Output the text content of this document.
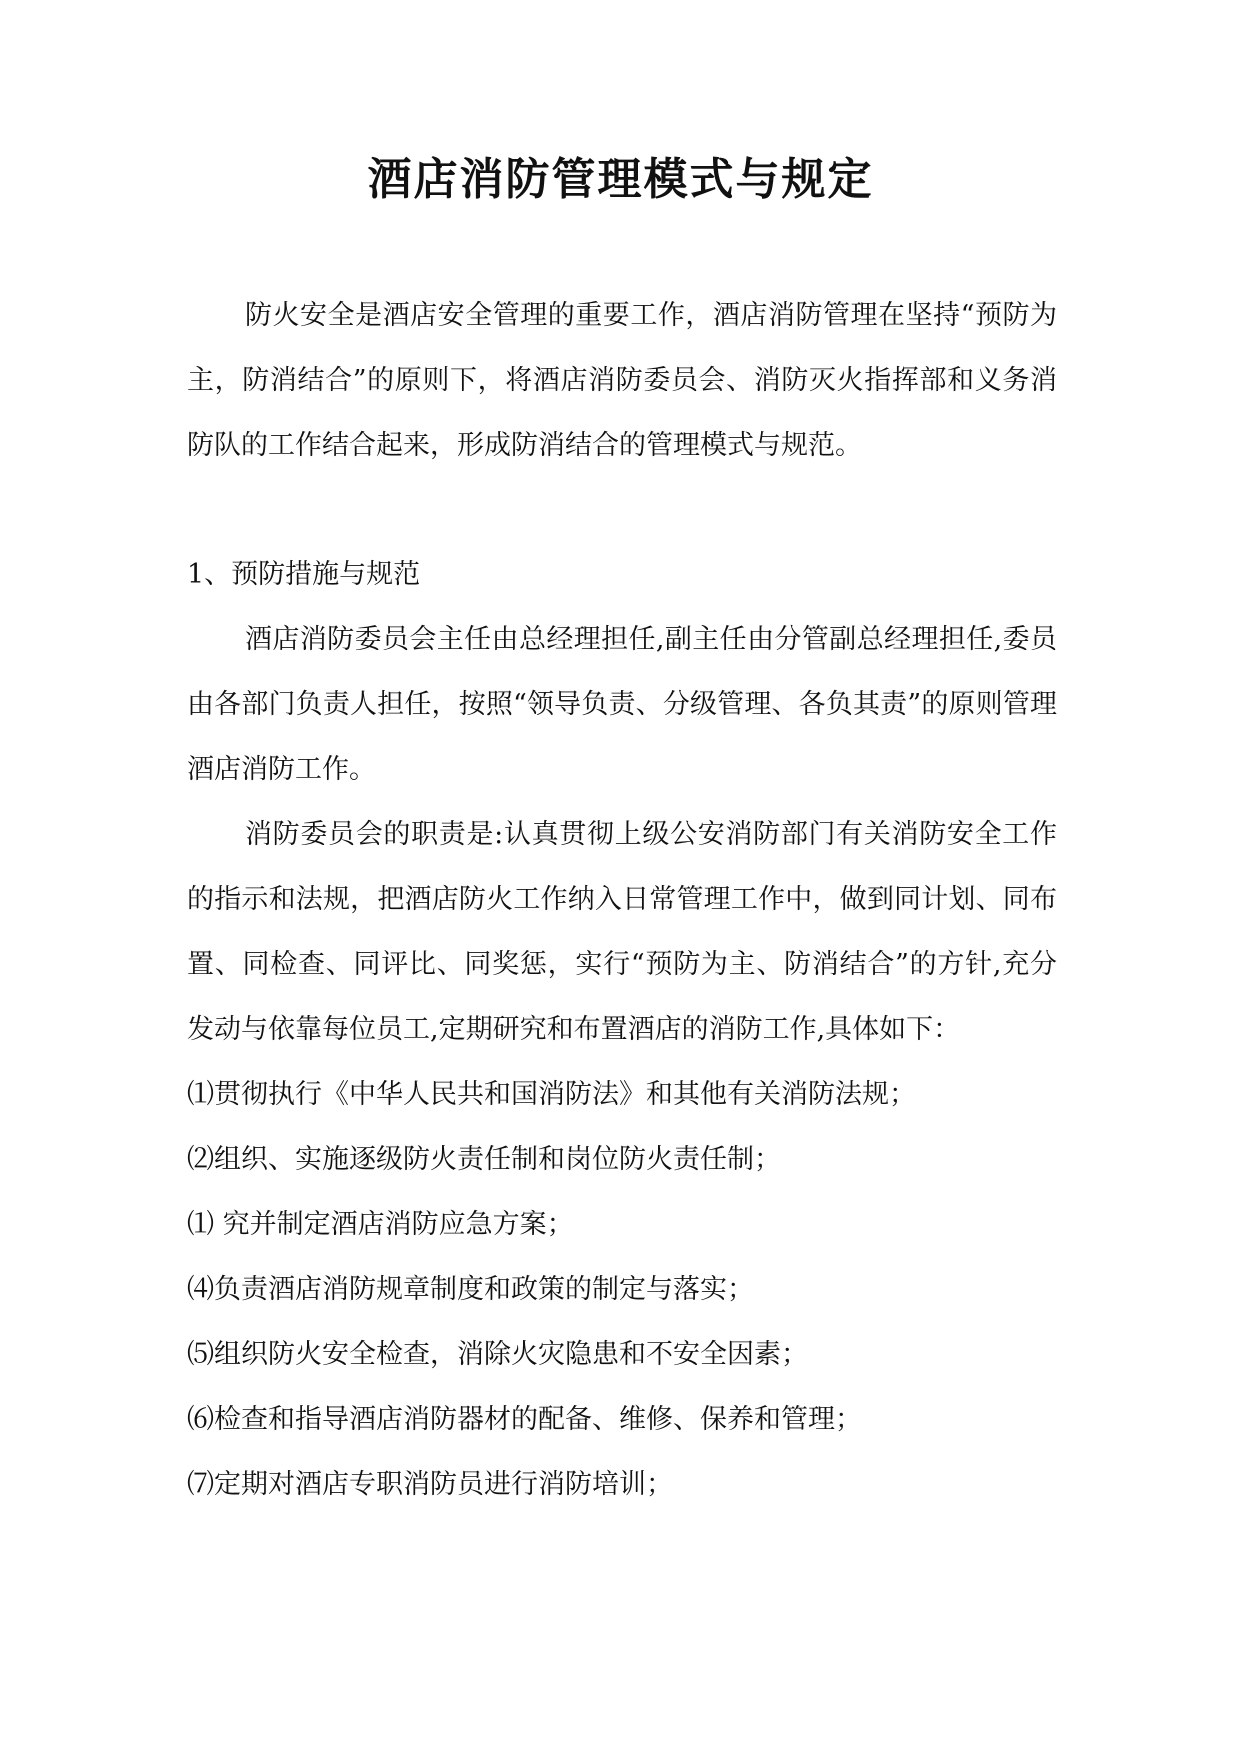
酒店消防管理模式与规定

防火安全是酒店安全管理的重要工作，酒店消防管理在坚持“预防为主，防消结合”的原则下，将酒店消防委员会、消防灭火指挥部和义务消防队的工作结合起来，形成防消结合的管理模式与规范。

1、预防措施与规范

酒店消防委员会主任由总经理担任,副主任由分管副总经理担任,委员由各部门负责人担任，按照“领导负责、分级管理、各负其责”的原则管理酒店消防工作。

消防委员会的职责是:认真贯彻上级公安消防部门有关消防安全工作的指示和法规，把酒店防火工作纳入日常管理工作中，做到同计划、同布置、同检查、同评比、同奖惩，实行“预防为主、防消结合”的方针,充分发动与依靠每位员工,定期研究和布置酒店的消防工作,具体如下：

⑴贯彻执行《中华人民共和国消防法》和其他有关消防法规；

⑵组织、实施逐级防火责任制和岗位防火责任制；

⑴ 究并制定酒店消防应急方案；

⑷负责酒店消防规章制度和政策的制定与落实；

⑸组织防火安全检查，消除火灾隐患和不安全因素；

⑹检查和指导酒店消防器材的配备、维修、保养和管理；

⑺定期对酒店专职消防员进行消防培训；
